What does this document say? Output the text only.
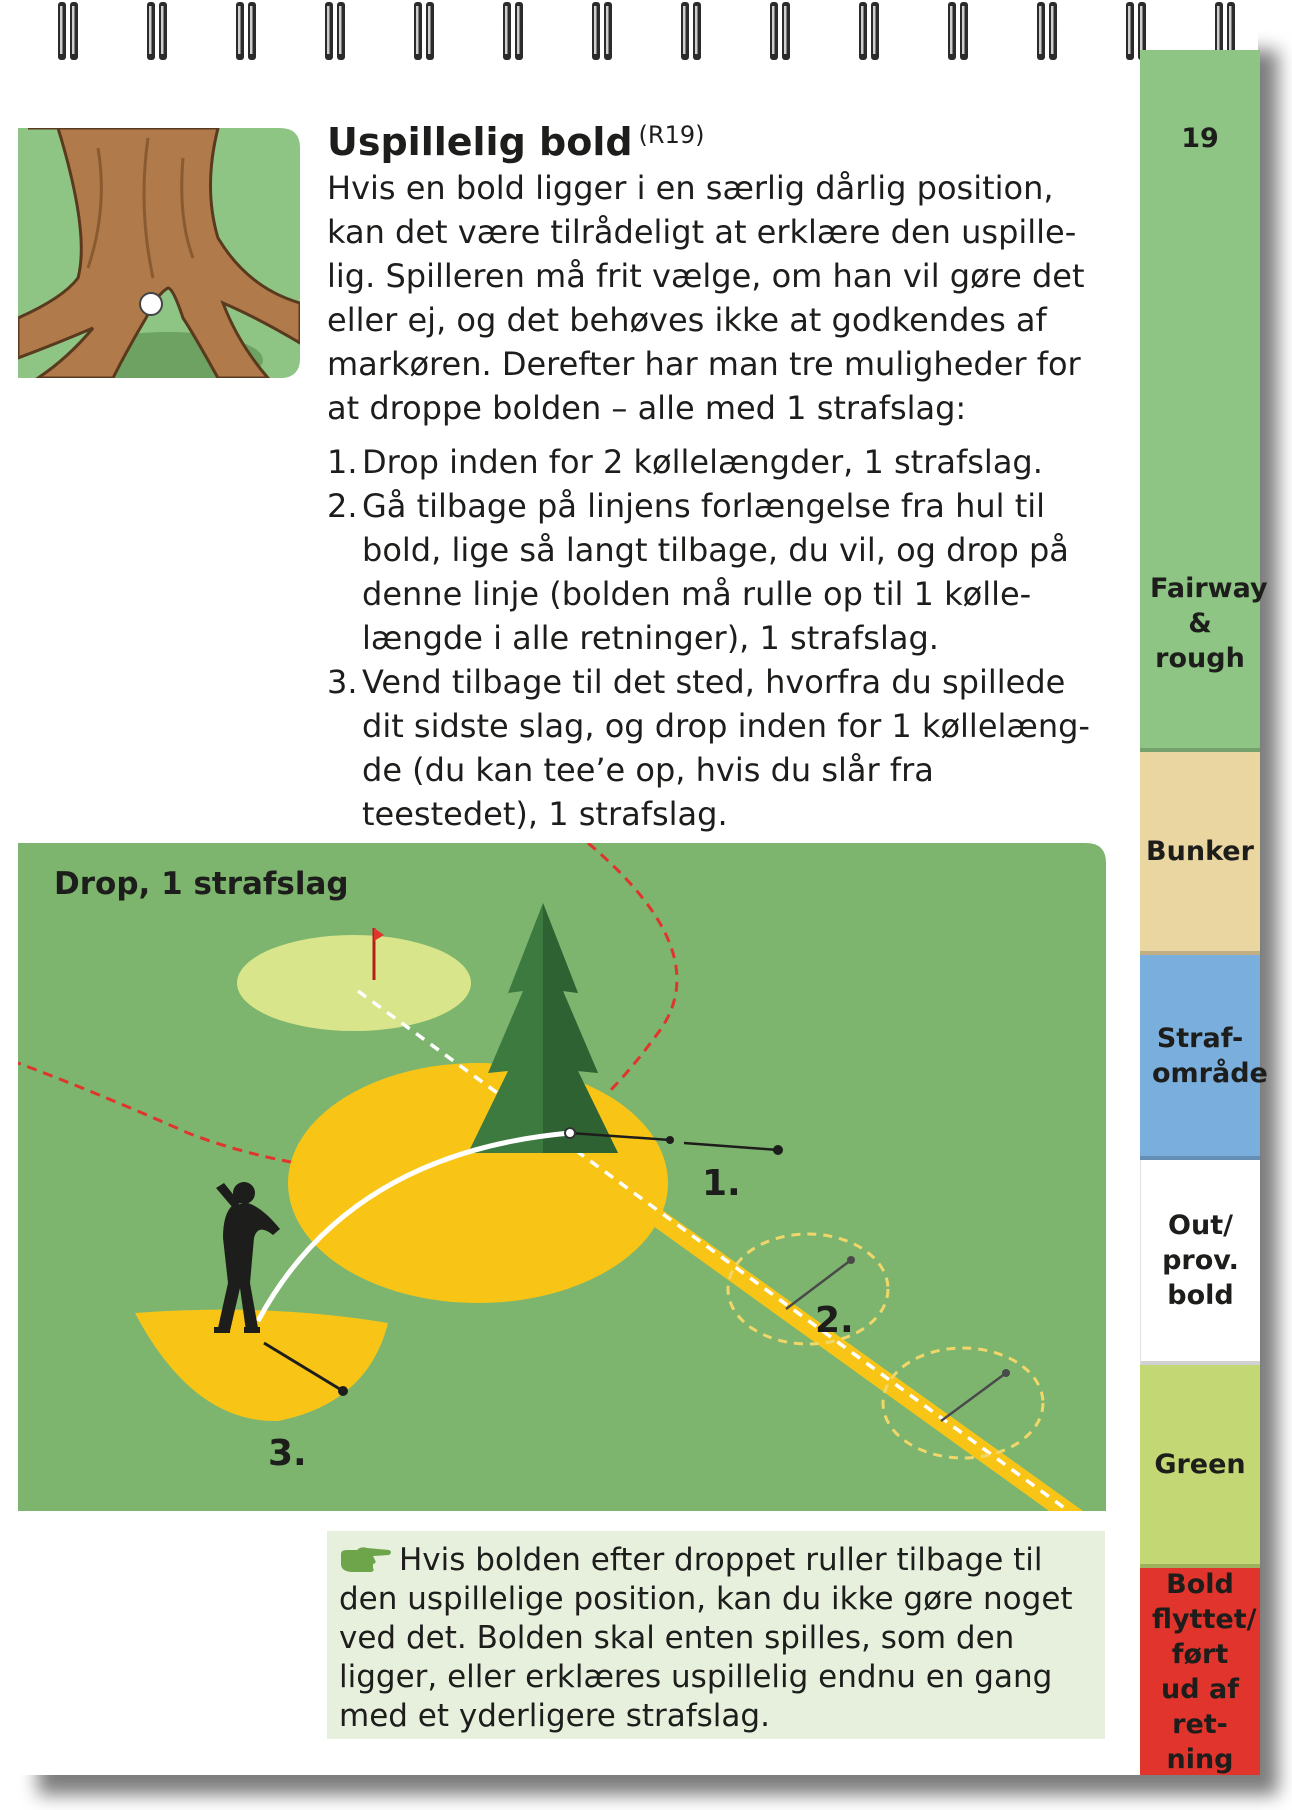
Fairway & rough
19
Bunker
Straf-område
Out/ prov. bold
Green
Bold flyttet/ ført ud af ret-ning
Uspillelig bold $^{(R19)}$
Hvis en bold ligger i en særlig dårlig position, kan det være tilrådeligt at erklære den uspille-lig. Spilleren må frit vælge, om han vil gøre det eller ej, og det behøves ikke at godkendes af markøren. Derefter har man tre muligheder for at droppe bolden – alle med 1 strafslag:
1. Drop inden for 2 køllelængder, 1 strafslag.
2. Gå tilbage på linjens forlængelse fra hul til bold, lige så langt tilbage, du vil, og drop på denne linje (bolden må rulle op til 1 kølle-længde i alle retninger), 1 strafslag.
3. Vend tilbage til det sted, hvorfra du spillede dit sidste slag, og drop inden for 1 køllelæng-de (du kan tee’e op, hvis du slår fra teestedet), 1 strafslag.
Drop, 1 strafslag
1.
2.
3.
Hvis bolden efter droppet ruller tilbage til den uspillelige position, kan du ikke gøre noget ved det. Bolden skal enten spilles, som den ligger, eller erklæres uspillelig endnu en gang med et yderligere strafslag.
